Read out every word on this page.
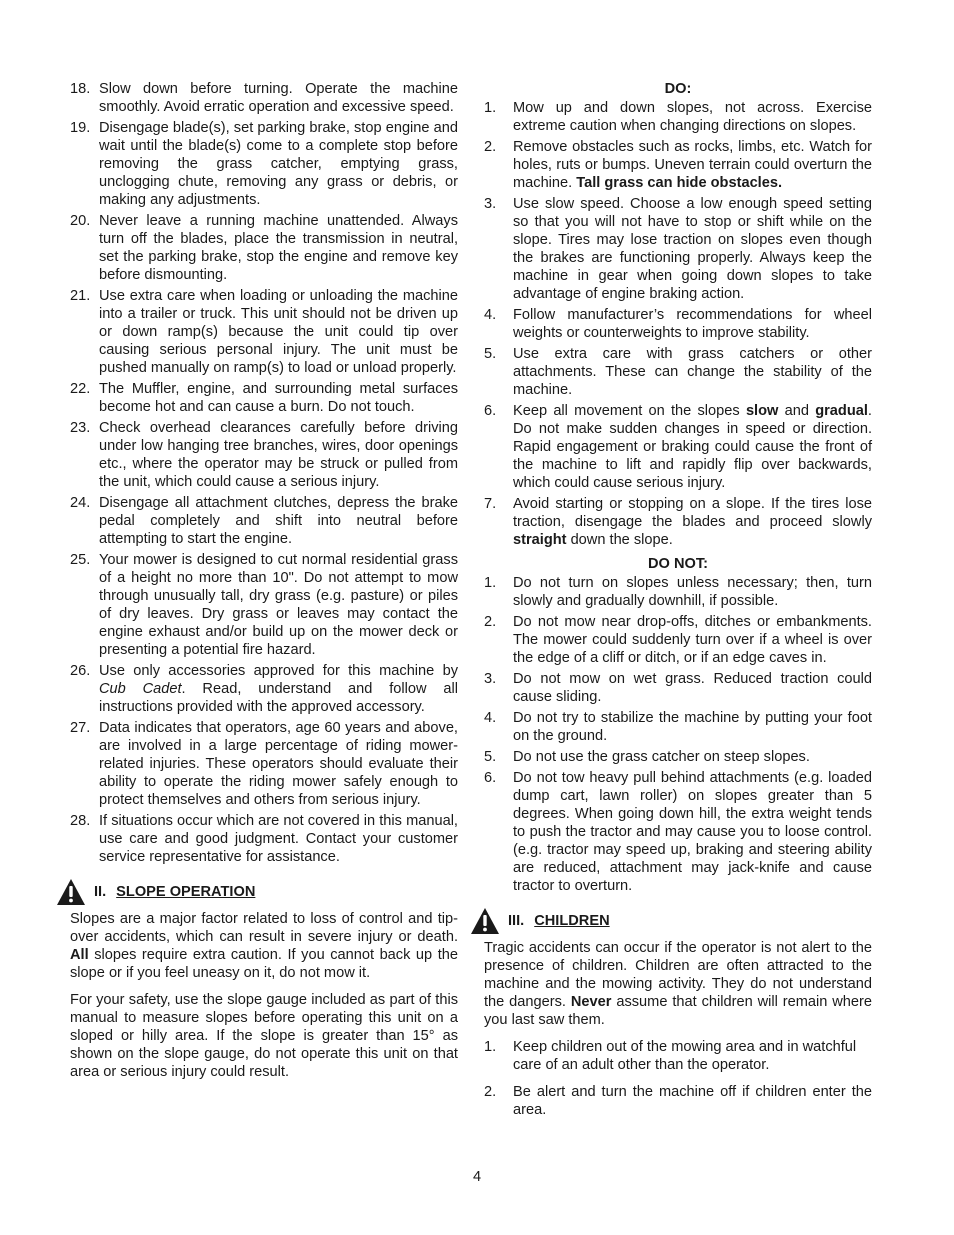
18. Slow down before turning. Operate the machine smoothly. Avoid erratic operation and excessive speed.
19. Disengage blade(s), set parking brake, stop engine and wait until the blade(s) come to a complete stop before removing the grass catcher, emptying grass, unclogging chute, removing any grass or debris, or making any adjustments.
20. Never leave a running machine unattended. Always turn off the blades, place the transmission in neutral, set the parking brake, stop the engine and remove key before dismounting.
21. Use extra care when loading or unloading the machine into a trailer or truck. This unit should not be driven up or down ramp(s) because the unit could tip over causing serious personal injury. The unit must be pushed manually on ramp(s) to load or unload properly.
22. The Muffler, engine, and surrounding metal surfaces become hot and can cause a burn. Do not touch.
23. Check overhead clearances carefully before driving under low hanging tree branches, wires, door openings etc., where the operator may be struck or pulled from the unit, which could cause a serious injury.
24. Disengage all attachment clutches, depress the brake pedal completely and shift into neutral before attempting to start the engine.
25. Your mower is designed to cut normal residential grass of a height no more than 10". Do not attempt to mow through unusually tall, dry grass (e.g. pasture) or piles of dry leaves. Dry grass or leaves may contact the engine exhaust and/or build up on the mower deck or presenting a potential fire hazard.
26. Use only accessories approved for this machine by Cub Cadet. Read, understand and follow all instructions provided with the approved accessory.
27. Data indicates that operators, age 60 years and above, are involved in a large percentage of riding mower-related injuries. These operators should evaluate their ability to operate the riding mower safely enough to protect themselves and others from serious injury.
28. If situations occur which are not covered in this manual, use care and good judgment. Contact your customer service representative for assistance.
II. SLOPE OPERATION

Slopes are a major factor related to loss of control and tip-over accidents, which can result in severe injury or death. All slopes require extra caution. If you cannot back up the slope or if you feel uneasy on it, do not mow it.

For your safety, use the slope gauge included as part of this manual to measure slopes before operating this unit on a sloped or hilly area. If the slope is greater than 15° as shown on the slope gauge, do not operate this unit on that area or serious injury could result.

DO:
1.	Mow up and down slopes, not across. Exercise extreme caution when changing directions on slopes.
2.	Remove obstacles such as rocks, limbs, etc. Watch for holes, ruts or bumps. Uneven terrain could overturn the machine. Tall grass can hide obstacles.
3.	Use slow speed. Choose a low enough speed setting so that you will not have to stop or shift while on the slope. Tires may lose traction on slopes even though the brakes are functioning properly. Always keep the machine in gear when going down slopes to take advantage of engine braking action.
4.	Follow manufacturer’s recommendations for wheel weights or counterweights to improve stability.
5.	Use extra care with grass catchers or other attachments. These can change the stability of the machine.
6.	Keep all movement on the slopes slow and gradual. Do not make sudden changes in speed or direction. Rapid engagement or braking could cause the front of the machine to lift and rapidly flip over backwards, which could cause serious injury.
7.	Avoid starting or stopping on a slope. If the tires lose traction, disengage the blades and proceed slowly straight down the slope.
DO NOT:
1.	Do not turn on slopes unless necessary; then, turn slowly and gradually downhill, if possible.
2.	Do not mow near drop-offs, ditches or embankments. The mower could suddenly turn over if a wheel is over the edge of a cliff or ditch, or if an edge caves in.
3.	Do not mow on wet grass. Reduced traction could cause sliding.
4.	Do not try to stabilize the machine by putting your foot on the ground.
5.	Do not use the grass catcher on steep slopes.
6.	Do not tow heavy pull behind attachments (e.g. loaded dump cart, lawn roller) on slopes greater than 5 degrees. When going down hill, the extra weight tends to push the tractor and may cause you to loose control. (e.g. tractor may speed up, braking and steering ability are reduced, attachment may jack-knife and cause tractor to overturn.
III. CHILDREN

Tragic accidents can occur if the operator is not alert to the presence of children. Children are often attracted to the machine and the mowing activity. They do not understand the dangers. Never assume that children will remain where you last saw them.

1.	Keep children out of the mowing area and in watchful care of an adult other than the operator.
2.	Be alert and turn the machine off if children enter the area.
4
